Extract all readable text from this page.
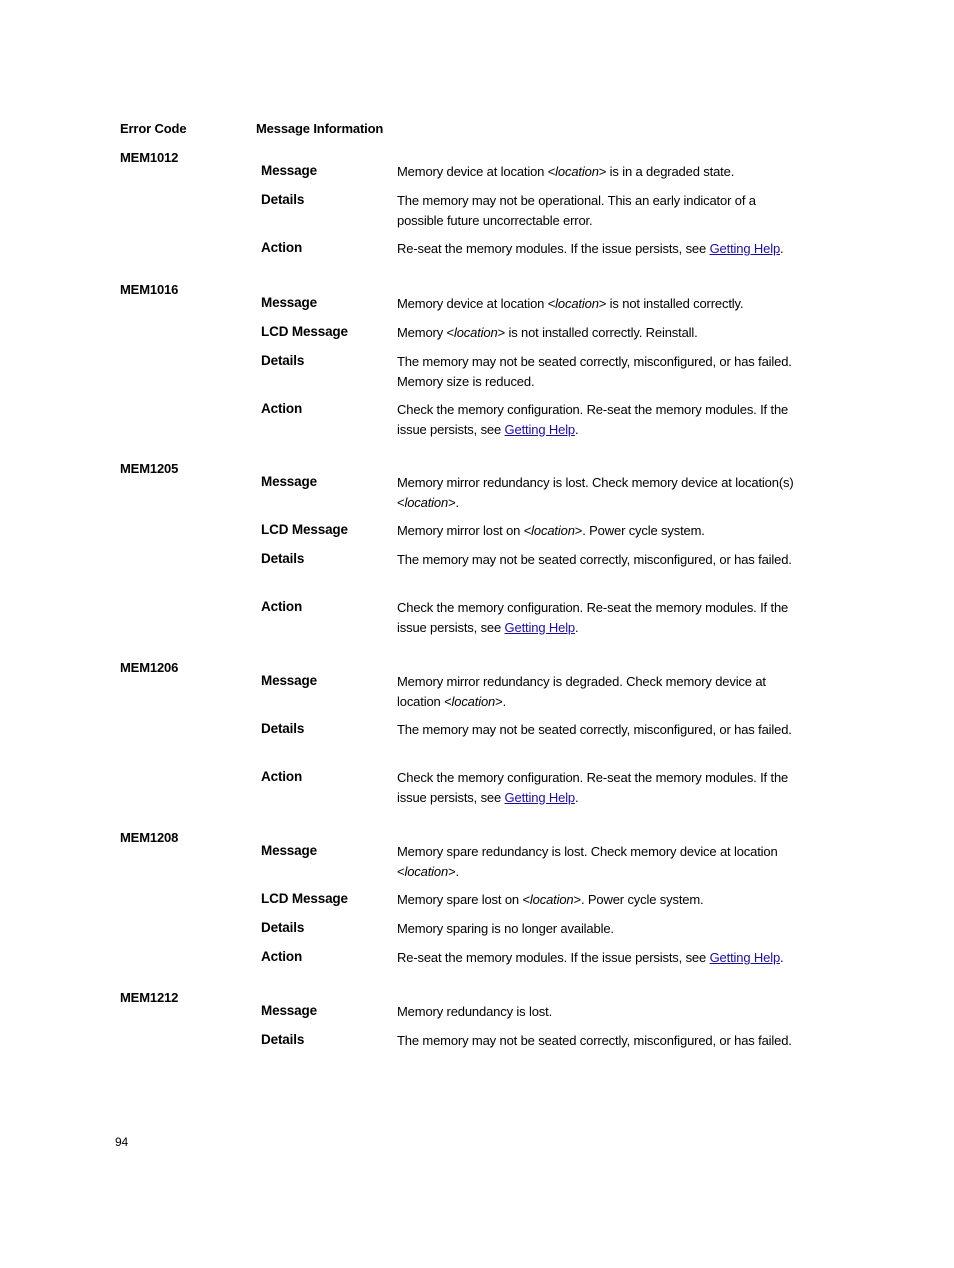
Error Code	Message Information
MEM1012
Message	Memory device at location <location> is in a degraded state.
Details	The memory may not be operational. This an early indicator of a possible future uncorrectable error.
Action	Re-seat the memory modules. If the issue persists, see Getting Help.
MEM1016
Message	Memory device at location <location> is not installed correctly.
LCD Message	Memory <location> is not installed correctly. Reinstall.
Details	The memory may not be seated correctly, misconfigured, or has failed. Memory size is reduced.
Action	Check the memory configuration. Re-seat the memory modules. If the issue persists, see Getting Help.
MEM1205
Message	Memory mirror redundancy is lost. Check memory device at location(s) <location>.
LCD Message	Memory mirror lost on <location>. Power cycle system.
Details	The memory may not be seated correctly, misconfigured, or has failed.
Action	Check the memory configuration. Re-seat the memory modules. If the issue persists, see Getting Help.
MEM1206
Message	Memory mirror redundancy is degraded. Check memory device at location <location>.
Details	The memory may not be seated correctly, misconfigured, or has failed.
Action	Check the memory configuration. Re-seat the memory modules. If the issue persists, see Getting Help.
MEM1208
Message	Memory spare redundancy is lost. Check memory device at location <location>.
LCD Message	Memory spare lost on <location>. Power cycle system.
Details	Memory sparing is no longer available.
Action	Re-seat the memory modules. If the issue persists, see Getting Help.
MEM1212
Message	Memory redundancy is lost.
Details	The memory may not be seated correctly, misconfigured, or has failed.
94
